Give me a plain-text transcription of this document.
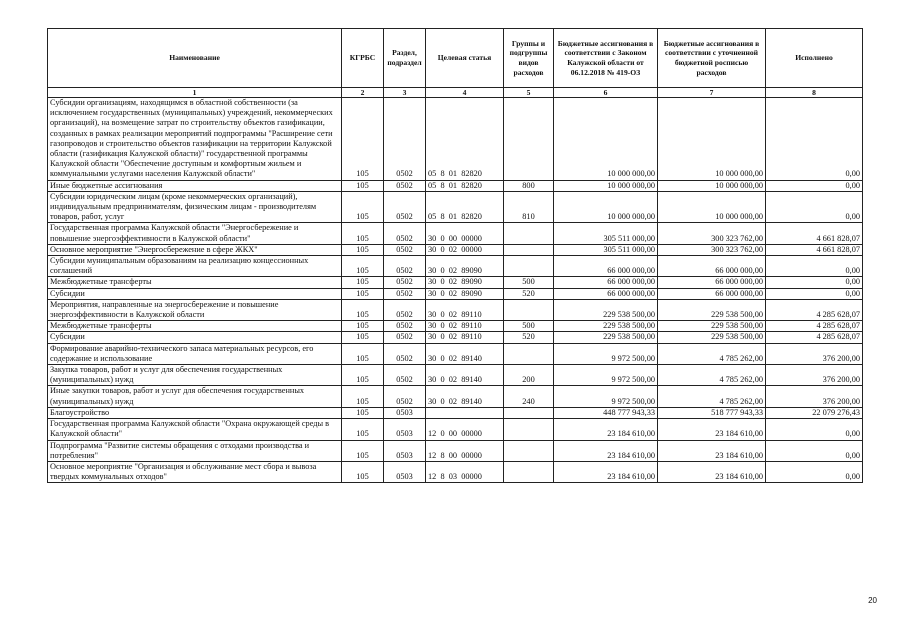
Наименование	КГРБС	Раздел, подраздел	Целевая статья	Группы и подгруппы видов расходов	Бюджетные ассигнования в соответствии с Законом Калужской области от 06.12.2018 № 419-ОЗ	Бюджетные ассигнования в соответствии с уточненной бюджетной росписью расходов	Исполнено
1	2	3	4	5	6	7	8
Субсидии организациям, находящимся в областной собственности (за исключением государственных (муниципальных) учреждений, некоммерческих организаций), на возмещение затрат по строительству объектов газификации, созданных в рамках реализации мероприятий подпрограммы "Расширение сети газопроводов и строительство объектов газификации на территории Калужской области (газификация Калужской области)" государственной программы Калужской области "Обеспечение доступным и комфортным жильем и коммунальными услугами населения Калужской области"	105	0502	05  8  01  82820		10 000 000,00	10 000 000,00	0,00
Иные бюджетные ассигнования	105	0502	05  8  01  82820	800	10 000 000,00	10 000 000,00	0,00
Субсидии юридическим лицам (кроме некоммерческих организаций), индивидуальным предпринимателям, физическим лицам - производителям товаров, работ, услуг	105	0502	05  8  01  82820	810	10 000 000,00	10 000 000,00	0,00
Государственная программа Калужской области "Энергосбережение и повышение энергоэффективности в Калужской области"	105	0502	30  0  00  00000		305 511 000,00	300 323 762,00	4 661 828,07
Основное мероприятие "Энергосбережение в сфере ЖКХ"	105	0502	30  0  02  00000		305 511 000,00	300 323 762,00	4 661 828,07
Субсидии муниципальным образованиям на реализацию концессионных соглашений	105	0502	30  0  02  89090		66 000 000,00	66 000 000,00	0,00
Межбюджетные трансферты	105	0502	30  0  02  89090	500	66 000 000,00	66 000 000,00	0,00
Субсидии	105	0502	30  0  02  89090	520	66 000 000,00	66 000 000,00	0,00
Мероприятия, направленные на энергосбережение и повышение энергоэффективности в Калужской области	105	0502	30  0  02  89110		229 538 500,00	229 538 500,00	4 285 628,07
Межбюджетные трансферты	105	0502	30  0  02  89110	500	229 538 500,00	229 538 500,00	4 285 628,07
Субсидии	105	0502	30  0  02  89110	520	229 538 500,00	229 538 500,00	4 285 628,07
Формирование аварийно-технического запаса материальных ресурсов, его содержание и использование	105	0502	30  0  02  89140		9 972 500,00	4 785 262,00	376 200,00
Закупка товаров, работ и услуг для обеспечения государственных (муниципальных) нужд	105	0502	30  0  02  89140	200	9 972 500,00	4 785 262,00	376 200,00
Иные закупки товаров, работ и услуг для обеспечения государственных (муниципальных) нужд	105	0502	30  0  02  89140	240	9 972 500,00	4 785 262,00	376 200,00
Благоустройство	105	0503			448 777 943,33	518 777 943,33	22 079 276,43
Государственная программа Калужской области "Охрана окружающей среды в Калужской области"	105	0503	12  0  00  00000		23 184 610,00	23 184 610,00	0,00
Подпрограмма "Развитие системы обращения с отходами производства и потребления"	105	0503	12  8  00  00000		23 184 610,00	23 184 610,00	0,00
Основное мероприятие "Организация и обслуживание мест сбора и вывоза твердых коммунальных отходов"	105	0503	12  8  03  00000		23 184 610,00	23 184 610,00	0,00
20
